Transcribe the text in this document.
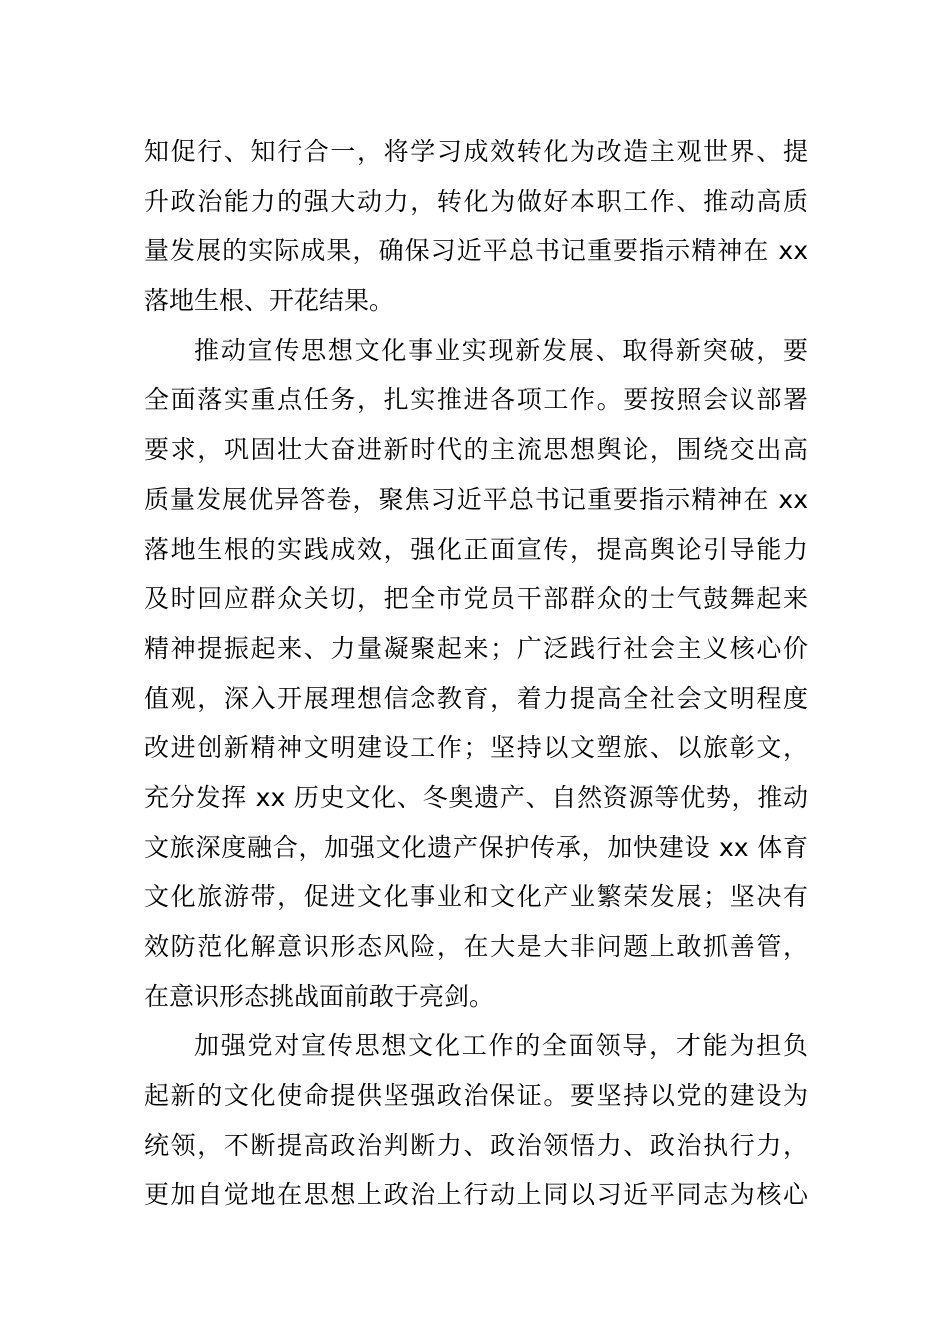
知促行、知行合一，将学习成效转化为改造主观世界、提
升政治能力的强大动力，转化为做好本职工作、推动高质
量发展的实际成果，确保习近平总书记重要指示精神在 xx
落地生根、开花结果。
推动宣传思想文化事业实现新发展、取得新突破，要
全面落实重点任务，扎实推进各项工作。要按照会议部署
要求，巩固壮大奋进新时代的主流思想舆论，围绕交出高
质量发展优异答卷，聚焦习近平总书记重要指示精神在 xx
落地生根的实践成效，强化正面宣传，提高舆论引导能力
及时回应群众关切，把全市党员干部群众的士气鼓舞起来
精神提振起来、力量凝聚起来；广泛践行社会主义核心价
值观，深入开展理想信念教育，着力提高全社会文明程度
改进创新精神文明建设工作；坚持以文塑旅、以旅彰文，
充分发挥 xx 历史文化、冬奥遗产、自然资源等优势，推动
文旅深度融合，加强文化遗产保护传承，加快建设 xx 体育
文化旅游带，促进文化事业和文化产业繁荣发展；坚决有
效防范化解意识形态风险，在大是大非问题上敢抓善管，
在意识形态挑战面前敢于亮剑。
加强党对宣传思想文化工作的全面领导，才能为担负
起新的文化使命提供坚强政治保证。要坚持以党的建设为
统领，不断提高政治判断力、政治领悟力、政治执行力，
更加自觉地在思想上政治上行动上同以习近平同志为核心
